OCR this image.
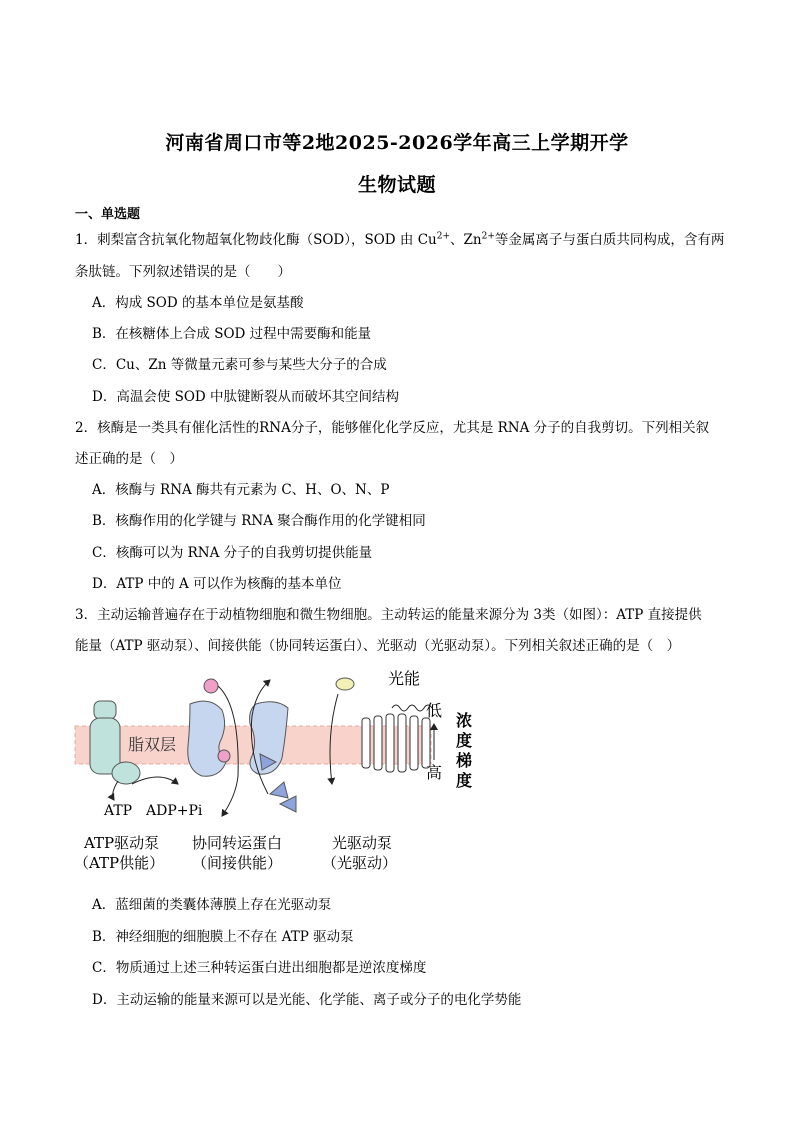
河南省周口市等2地2025-2026学年高三上学期开学
生物试题
一、单选题
1．刺梨富含抗氧化物超氧化物歧化酶（SOD），SOD 由 $Cu^{2+}$、$Zn^{2+}$等金属离子与蛋白质共同构成，含有两
条肽链。下列叙述错误的是（　　）
A．构成 SOD 的基本单位是氨基酸
B．在核糖体上合成 SOD 过程中需要酶和能量
C．Cu、Zn 等微量元素可参与某些大分子的合成
D．高温会使 SOD 中肽键断裂从而破坏其空间结构
2．核酶是一类具有催化活性的RNA分子，能够催化化学反应，尤其是 RNA 分子的自我剪切。下列相关叙
述正确的是（　）
A．核酶与 RNA 酶共有元素为 C、H、O、N、P
B．核酶作用的化学键与 RNA 聚合酶作用的化学键相同
C．核酶可以为 RNA 分子的自我剪切提供能量
D．ATP 中的 A 可以作为核酶的基本单位
3．主动运输普遍存在于动植物细胞和微生物细胞。主动转运的能量来源分为 3类（如图）：ATP 直接提供
能量（ATP 驱动泵）、间接供能（协同转运蛋白）、光驱动（光驱动泵）。下列相关叙述正确的是（　）
脂双层
ATP ADP+Pi
光能
低
高
浓
度
梯
度
ATP驱动泵
（ATP供能）
协同转运蛋白
（间接供能）
光驱动泵
（光驱动）
A．蓝细菌的类囊体薄膜上存在光驱动泵
B．神经细胞的细胞膜上不存在 ATP 驱动泵
C．物质通过上述三种转运蛋白进出细胞都是逆浓度梯度
D．主动运输的能量来源可以是光能、化学能、离子或分子的电化学势能
